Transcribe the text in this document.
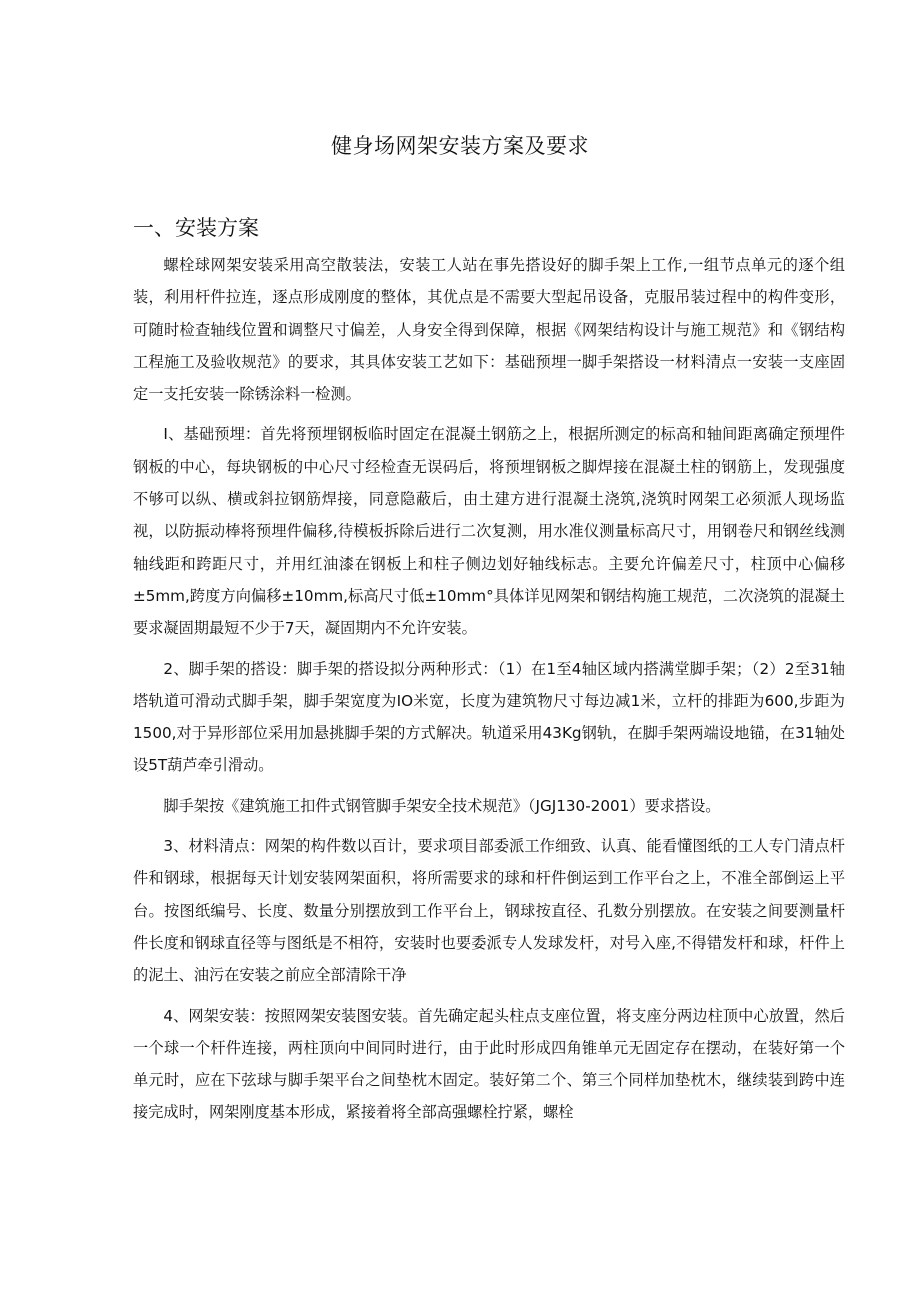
健身场网架安装方案及要求
一、安装方案

螺栓球网架安装采用高空散装法，安装工人站在事先搭设好的脚手架上工作,一组节点单元的逐个组装，利用杆件拉连，逐点形成刚度的整体，其优点是不需要大型起吊设备，克服吊装过程中的构件变形，可随时检查轴线位置和调整尺寸偏差，人身安全得到保障，根据《网架结构设计与施工规范》和《钢结构工程施工及验收规范》的要求，其具体安装工艺如下：基础预埋一脚手架搭设一材料清点一安装一支座固定一支托安装一除锈涂料一检测。

I、基础预埋：首先将预埋钢板临时固定在混凝土钢筋之上，根据所测定的标高和轴间距离确定预埋件钢板的中心，每块钢板的中心尺寸经检查无误码后，将预埋钢板之脚焊接在混凝土柱的钢筋上，发现强度不够可以纵、横或斜拉钢筋焊接，同意隐蔽后，由土建方进行混凝土浇筑,浇筑时网架工必须派人现场监视，以防振动棒将预埋件偏移,待模板拆除后进行二次复测，用水准仪测量标高尺寸，用钢卷尺和钢丝线测轴线距和跨距尺寸，并用红油漆在钢板上和柱子侧边划好轴线标志。主要允许偏差尺寸，柱顶中心偏移±5mm,跨度方向偏移±10mm,标高尺寸低±10mm°具体详见网架和钢结构施工规范，二次浇筑的混凝土要求凝固期最短不少于7天，凝固期内不允许安装。

2、脚手架的搭设：脚手架的搭设拟分两种形式：（1）在1至4轴区域内搭满堂脚手架；（2）2至31轴塔轨道可滑动式脚手架，脚手架宽度为IO米宽，长度为建筑物尺寸每边减1米，立杆的排距为600,步距为1500,对于异形部位采用加悬挑脚手架的方式解决。轨道采用43Kg钢轨，在脚手架两端设地锚，在31轴处设5T葫芦牵引滑动。

脚手架按《建筑施工扣件式钢管脚手架安全技术规范》（JGJ130-2001）要求搭设。

3、材料清点：网架的构件数以百计，要求项目部委派工作细致、认真、能看懂图纸的工人专门清点杆件和钢球，根据每天计划安装网架面积，将所需要求的球和杆件倒运到工作平台之上，不准全部倒运上平台。按图纸编号、长度、数量分别摆放到工作平台上，钢球按直径、孔数分别摆放。在安装之间要测量杆件长度和钢球直径等与图纸是不相符，安装时也要委派专人发球发杆，对号入座,不得错发杆和球，杆件上的泥土、油污在安装之前应全部清除干净

4、网架安装：按照网架安装图安装。首先确定起头柱点支座位置，将支座分两边柱顶中心放置，然后一个球一个杆件连接，两柱顶向中间同时进行，由于此时形成四角锥单元无固定存在摆动，在装好第一个单元时，应在下弦球与脚手架平台之间垫枕木固定。装好第二个、第三个同样加垫枕木，继续装到跨中连接完成时，网架刚度基本形成，紧接着将全部高强螺栓拧紧，螺栓
